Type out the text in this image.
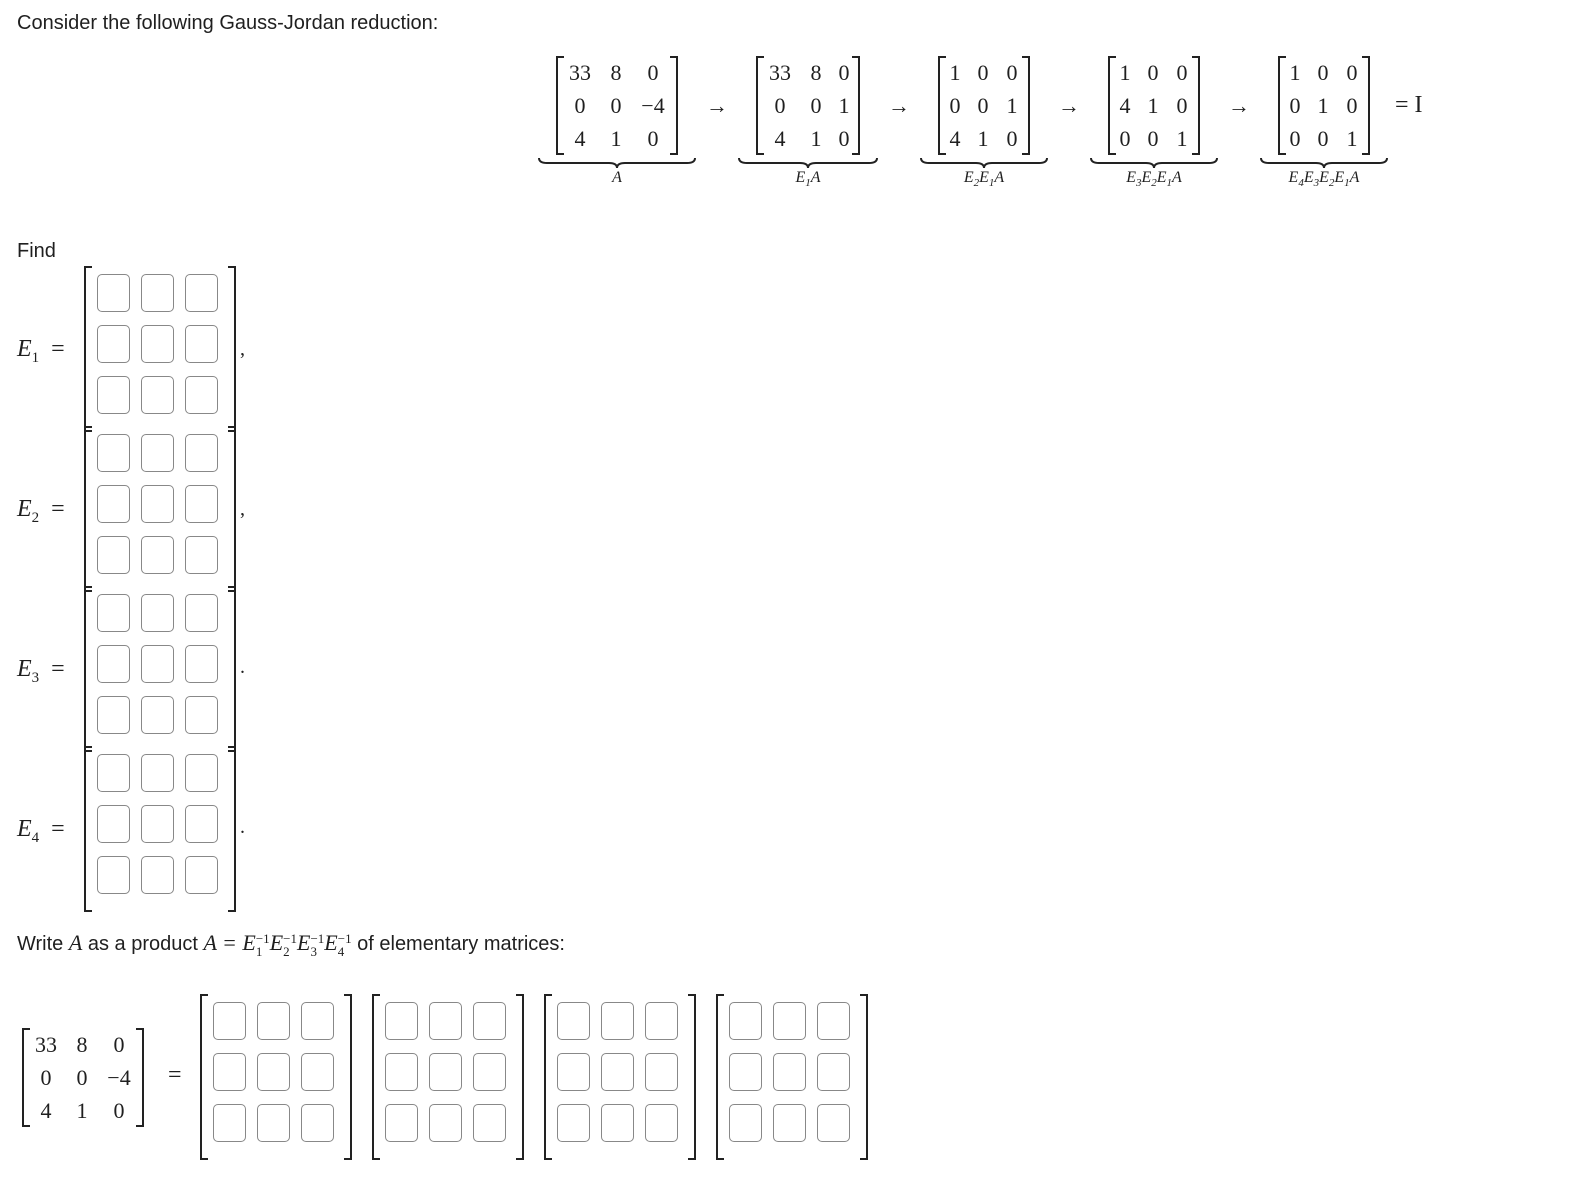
Consider the following Gauss-Jordan reduction:
33 8	0
0	0 −4
4	1	0
A
→
33 8 0
0	0 1
4	1 0
$E_1A$
→
1 0 0
0 0 1
4 1 0
$E_2E_1A$
→
1 0 0
4 1 0
0 0 1
$E_3E_2E_1A$
→
1 0 0
0 1 0
0 0 1
$E_4E_3E_2E_1A$
= I
Find
$E_1$ =	,
$E_2$ =	,
$E_3$ =	.
$E_4$ =	.
Write A as a product A = E −1
1 E −1
2 E −1
3 E −1
4 of elementary matrices:
33 8	0
0	0 −4
4	1	0
=
